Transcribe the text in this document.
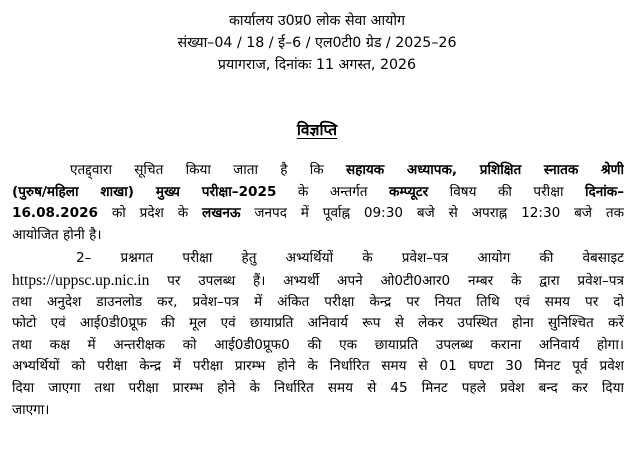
कार्यालय उ0प्र0 लोक सेवा आयोग
संख्या–04 / 18 / ई–6 / एल0टी0 ग्रेड / 2025–26
प्रयागराज, दिनांकः 11 अगस्त, 2026
विज्ञप्ति
एतद्द्वारा सूचित किया जाता है कि सहायक अध्यापक, प्रशिक्षित स्नातक श्रेणी
(पुरुष/महिला शाखा) मुख्य परीक्षा–2025 के अन्तर्गत कम्प्यूटर विषय की परीक्षा दिनांक–
16.08.2026 को प्रदेश के लखनऊ जनपद में पूर्वाह्न 09:30 बजे से अपराह्न 12:30 बजे तक
आयोजित होनी है।
2– प्रश्नगत परीक्षा हेतु अभ्यर्थियों के प्रवेश–पत्र आयोग की वेबसाइट
https://uppsc.up.nic.in पर उपलब्ध हैं। अभ्यर्थी अपने ओ0टी0आर0 नम्बर के द्वारा प्रवेश–पत्र
तथा अनुदेश डाउनलोड कर, प्रवेश–पत्र में अंकित परीक्षा केन्द्र पर नियत तिथि एवं समय पर दो
फोटो एवं आई0डी0प्रूफ की मूल एवं छायाप्रति अनिवार्य रूप से लेकर उपस्थित होना सुनिश्चित करें
तथा कक्ष में अन्तरीक्षक को आई0डी0प्रूफ0 की एक छायाप्रति उपलब्ध कराना अनिवार्य होगा।
अभ्यर्थियों को परीक्षा केन्द्र में परीक्षा प्रारम्भ होने के निर्धारित समय से 01 घण्टा 30 मिनट पूर्व प्रवेश
दिया जाएगा तथा परीक्षा प्रारम्भ होने के निर्धारित समय से 45 मिनट पहले प्रवेश बन्द कर दिया
जाएगा।
